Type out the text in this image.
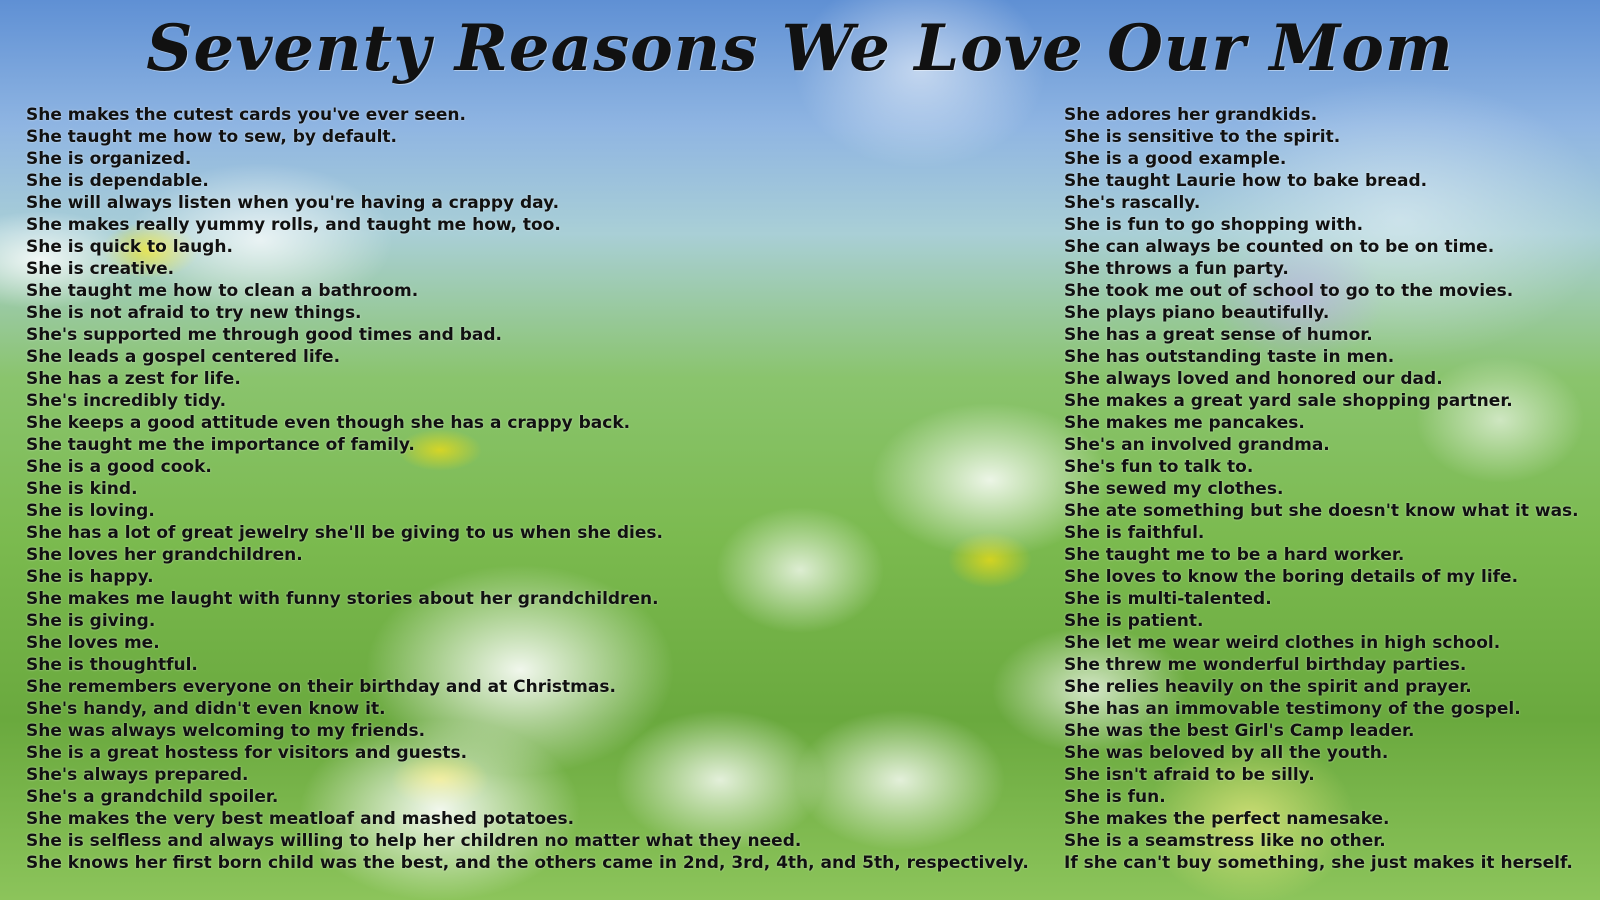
Seventy Reasons We Love Our Mom
She makes the cutest cards you've ever seen.
She taught me how to sew, by default.
She is organized.
She is dependable.
She will always listen when you're having a crappy day.
She makes really yummy rolls, and taught me how, too.
She is quick to laugh.
She is creative.
She taught me how to clean a bathroom.
She is not afraid to try new things.
She's supported me through good times and bad.
She leads a gospel centered life.
She has a zest for life.
She's incredibly tidy.
She keeps a good attitude even though she has a crappy back.
She taught me the importance of family.
She is a good cook.
She is kind.
She is loving.
She has a lot of great jewelry she'll be giving to us when she dies.
She loves her grandchildren.
She is happy.
She makes me laught with funny stories about her grandchildren.
She is giving.
She loves me.
She is thoughtful.
She remembers everyone on their birthday and at Christmas.
She's handy, and didn't even know it.
She was always welcoming to my friends.
She is a great hostess for visitors and guests.
She's always prepared.
She's a grandchild spoiler.
She makes the very best meatloaf and mashed potatoes.
She is selfless and always willing to help her children no matter what they need.
She knows her first born child was the best, and the others came in 2nd, 3rd, 4th, and 5th, respectively.
She adores her grandkids.
She is sensitive to the spirit.
She is a good example.
She taught Laurie how to bake bread.
She's rascally.
She is fun to go shopping with.
She can always be counted on to be on time.
She throws a fun party.
She took me out of school to go to the movies.
She plays piano beautifully.
She has a great sense of humor.
She has outstanding taste in men.
She always loved and honored our dad.
She makes a great yard sale shopping partner.
She makes me pancakes.
She's an involved grandma.
She's fun to talk to.
She sewed my clothes.
She ate something but she doesn't know what it was.
She is faithful.
She taught me to be a hard worker.
She loves to know the boring details of my life.
She is multi-talented.
She is patient.
She let me wear weird clothes in high school.
She threw me wonderful birthday parties.
She relies heavily on the spirit and prayer.
She has an immovable testimony of the gospel.
She was the best Girl's Camp leader.
She was beloved by all the youth.
She isn't afraid to be silly.
She is fun.
She makes the perfect namesake.
She is a seamstress like no other.
If she can't buy something, she just makes it herself.
